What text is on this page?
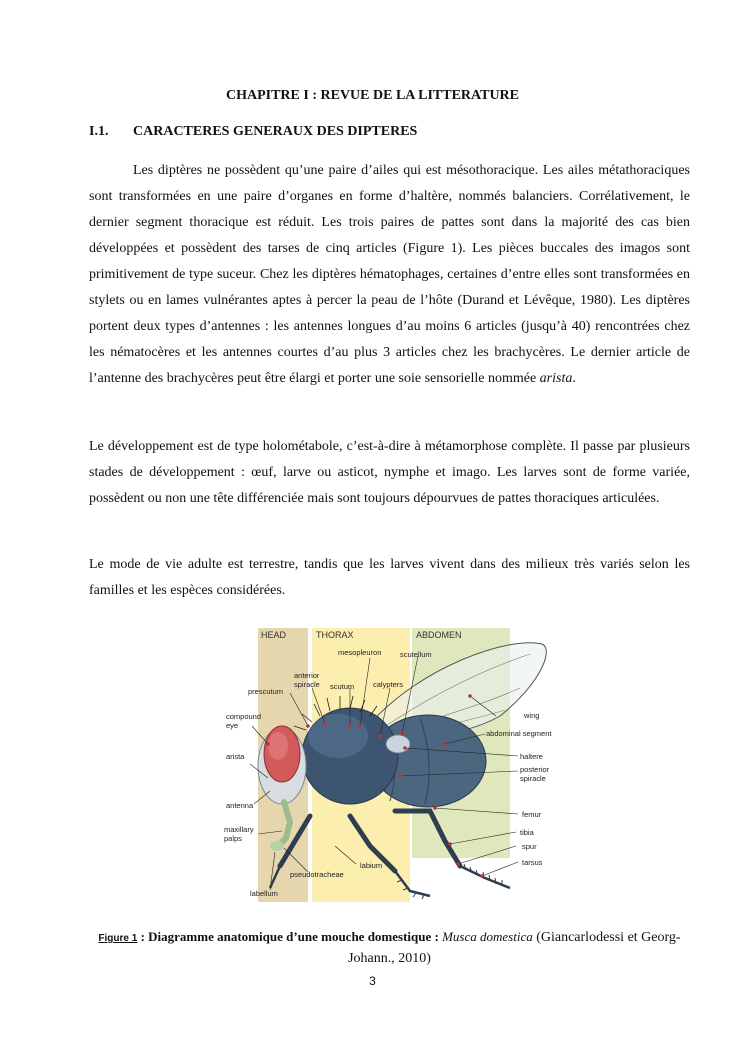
CHAPITRE I : REVUE DE LA LITTERATURE
I.1. CARACTERES GENERAUX DES DIPTERES

Les diptères ne possèdent qu’une paire d’ailes qui est mésothoracique. Les ailes métathoraciques sont transformées en une paire d’organes en forme d’haltère, nommés balanciers. Corrélativement, le dernier segment thoracique est réduit. Les trois paires de pattes sont dans la majorité des cas bien développées et possèdent des tarses de cinq articles (Figure 1). Les pièces buccales des imagos sont primitivement de type suceur. Chez les diptères hématophages, certaines d’entre elles sont transformées en stylets ou en lames vulnérantes aptes à percer la peau de l’hôte (Durand et Lévêque, 1980). Les diptères portent deux types d’antennes : les antennes longues d’au moins 6 articles (jusqu’à 40) rencontrées chez les nématocères et les antennes courtes d’au plus 3 articles chez les brachycères. Le dernier article de l’antenne des brachycères peut être élargi et porter une soie sensorielle nommée arista.

Le développement est de type holométabole, c’est-à-dire à métamorphose complète. Il passe par plusieurs stades de développement : œuf, larve ou asticot, nymphe et imago. Les larves sont de forme variée, possèdent ou non une tête différenciée mais sont toujours dépourvues de pattes thoraciques articulées.

Le mode de vie adulte est terrestre, tandis que les larves vivent dans des milieux très variés selon les familles et les espèces considérées.

HEAD	THORAX	ABDOMEN
mesopleuron scutellum
anterior
spiracle scutum	calypters
prescutum
compound
eye
wing
abdominal segment
arista	haltere
posterior
spiracle
antenna
femur
maxillary
palps
tibia
spur
tarsus
labium
pseudotracheae
labellum
Figure 1 : Diagramme anatomique d’une mouche domestique : Musca domestica (Giancarlodessi et Georg-
Johann., 2010)
3
